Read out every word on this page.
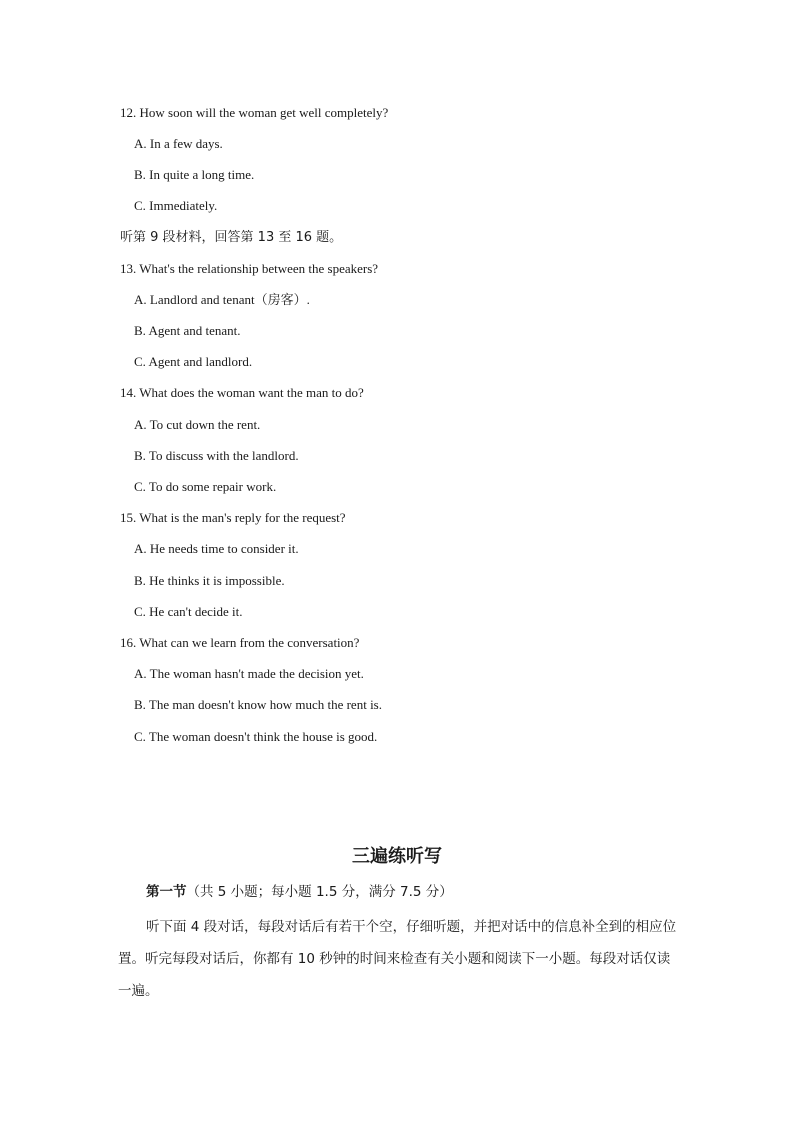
12. How soon will the woman get well completely?
A. In a few days.
B. In quite a long time.
C. Immediately.
听第 9 段材料，回答第 13 至 16 题。
13. What's the relationship between the speakers?
A. Landlord and tenant（房客）.
B. Agent and tenant.
C. Agent and landlord.
14. What does the woman want the man to do?
A. To cut down the rent.
B. To discuss with the landlord.
C. To do some repair work.
15. What is the man's reply for the request?
A. He needs time to consider it.
B. He thinks it is impossible.
C. He can't decide it.
16. What can we learn from the conversation?
A. The woman hasn't made the decision yet.
B. The man doesn't know how much the rent is.
C. The woman doesn't think the house is good.
三遍练听写
第一节（共 5 小题；每小题 1.5 分，满分 7.5 分）
听下面 4 段对话，每段对话后有若干个空，仔细听题，并把对话中的信息补全到的相应位置。听完每段对话后，你都有 10 秒钟的时间来检查有关小题和阅读下一小题。每段对话仅读一遍。
